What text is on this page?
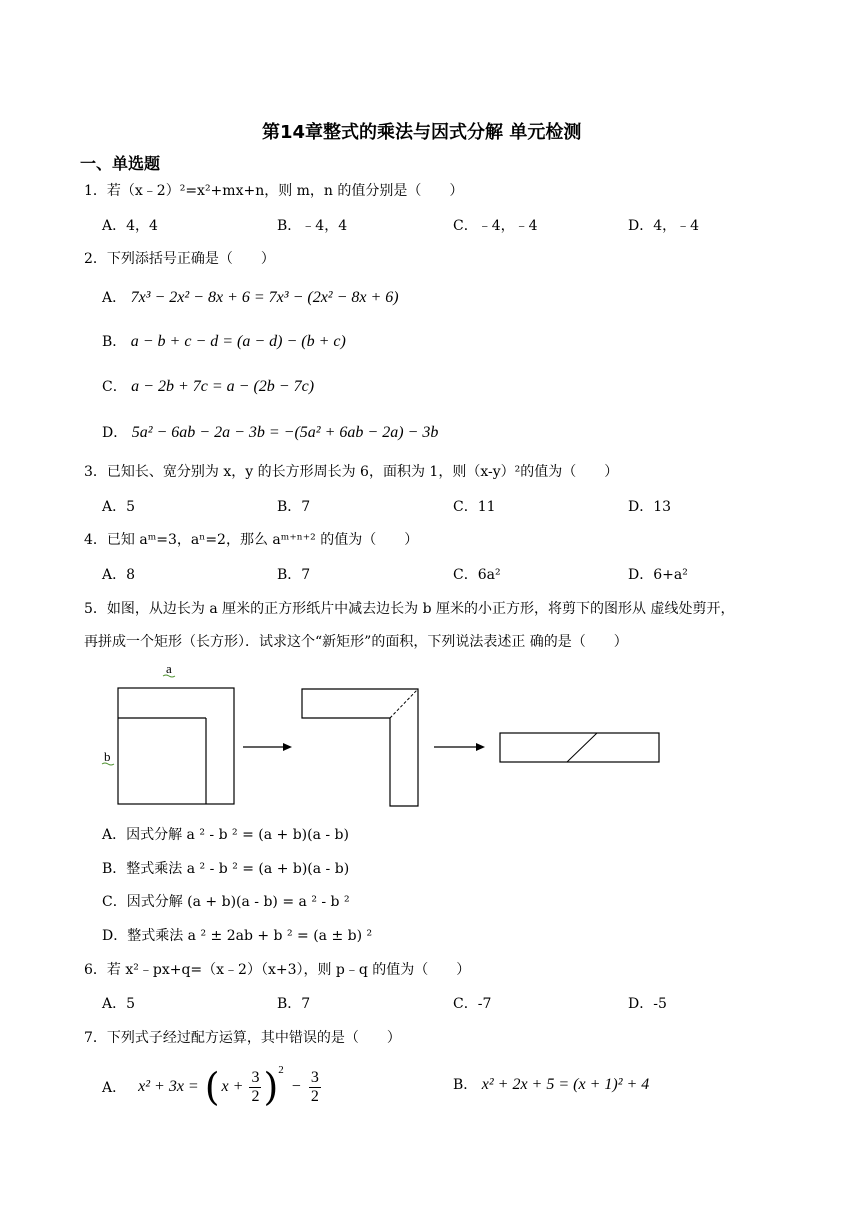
第14章整式的乘法与因式分解 单元检测
一、单选题
1．若（x﹣2）²=x²+mx+n，则 m，n 的值分别是（　　）
A．4，4	B．﹣4，4	C．﹣4，﹣4	D．4，﹣4
2．下列添括号正确是（　　）
A． 7x³ − 2x² − 8x + 6 = 7x³ − (2x² − 8x + 6)
B． a − b + c − d = (a − d) − (b + c)
C． a − 2b + 7c = a − (2b − 7c)
D． 5a² − 6ab − 2a − 3b = −(5a² + 6ab − 2a) − 3b
3．已知长、宽分别为 x，y 的长方形周长为 6，面积为 1，则（x-y）²的值为（　　）
A．5	B．7	C．11	D．13
4．已知 aᵐ=3，aⁿ=2，那么 aᵐ⁺ⁿ⁺² 的值为（　　）
A．8	B．7	C．6a²	D．6+a²
5．如图，从边长为 a 厘米的正方形纸片中减去边长为 b 厘米的小正方形，将剪下的图形从 虚线处剪开，
再拼成一个矩形（长方形）．试求这个“新矩形”的面积，下列说法表述正 确的是（　　）
a
b
A．因式分解 a ² - b ² = (a + b)(a - b)
B．整式乘法 a ² - b ² = (a + b)(a - b)
C．因式分解 (a + b)(a - b) = a ² - b ²
D．整式乘法 a ² ± 2ab + b ² = (a ± b) ²
6．若 x²﹣px+q=（x﹣2）（x+3），则 p﹣q 的值为（　　）
A．5	B．7	C．-7	D．-5
7．下列式子经过配方运算，其中错误的是（　　）
A． x² + 3x = ( $x + \frac{3}{2}$ ) 2
− $\frac{3}{2}$	B． x² + 2x + 5 = (x + 1)² + 4
